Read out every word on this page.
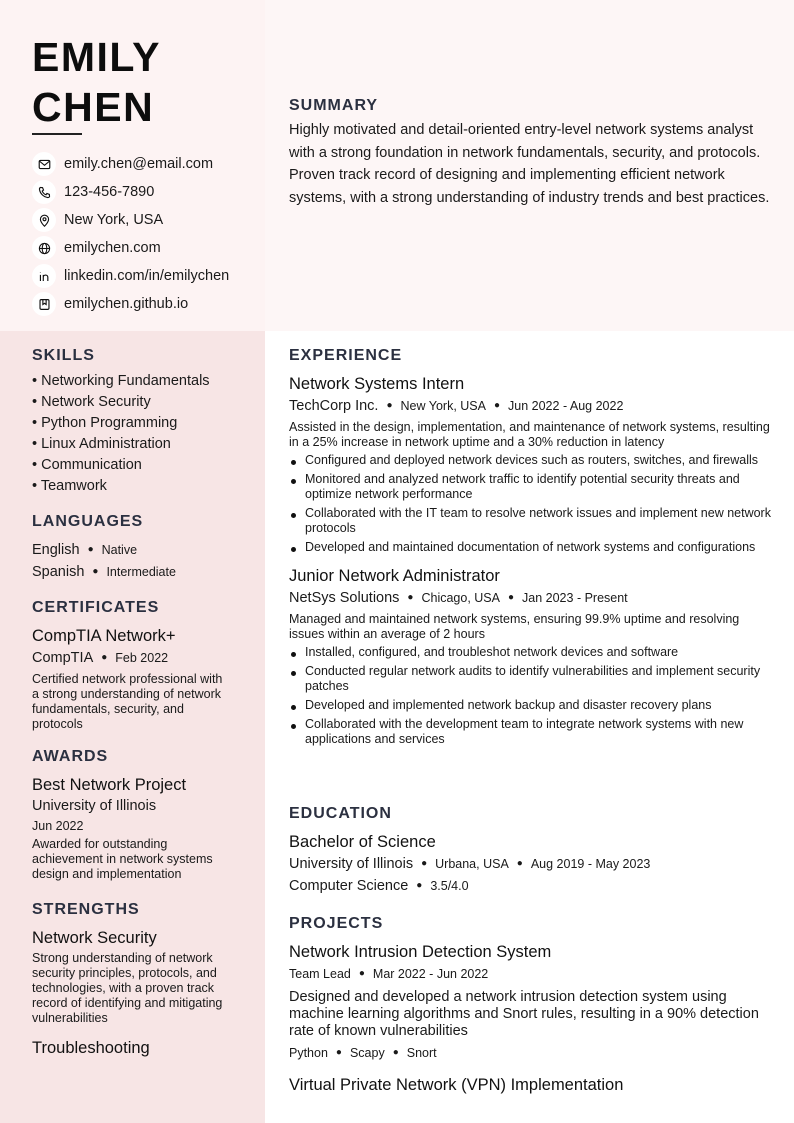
EMILY
CHEN
emily.chen@email.com
123-456-7890
New York, USA
emilychen.com
linkedin.com/in/emilychen
emilychen.github.io
SUMMARY
Highly motivated and detail-oriented entry-level network systems analyst with a strong foundation in network fundamentals, security, and protocols. Proven track record of designing and implementing efficient network systems, with a strong understanding of industry trends and best practices.
SKILLS
• Networking Fundamentals
• Network Security
• Python Programming
• Linux Administration
• Communication
• Teamwork
LANGUAGES
English ● Native
Spanish ● Intermediate
CERTIFICATES
CompTIA Network+
CompTIA ● Feb 2022
Certified network professional with a strong understanding of network fundamentals, security, and protocols
AWARDS
Best Network Project
University of Illinois
Jun 2022
Awarded for outstanding achievement in network systems design and implementation
STRENGTHS
Network Security
Strong understanding of network security principles, protocols, and technologies, with a proven track record of identifying and mitigating vulnerabilities
Troubleshooting
EXPERIENCE
Network Systems Intern
TechCorp Inc. ● New York, USA ● Jun 2022 - Aug 2022
Assisted in the design, implementation, and maintenance of network systems, resulting in a 25% increase in network uptime and a 30% reduction in latency
Configured and deployed network devices such as routers, switches, and firewalls
Monitored and analyzed network traffic to identify potential security threats and optimize network performance
Collaborated with the IT team to resolve network issues and implement new network protocols
Developed and maintained documentation of network systems and configurations
Junior Network Administrator
NetSys Solutions ● Chicago, USA ● Jan 2023 - Present
Managed and maintained network systems, ensuring 99.9% uptime and resolving issues within an average of 2 hours
Installed, configured, and troubleshot network devices and software
Conducted regular network audits to identify vulnerabilities and implement security patches
Developed and implemented network backup and disaster recovery plans
Collaborated with the development team to integrate network systems with new applications and services
EDUCATION
Bachelor of Science
University of Illinois ● Urbana, USA ● Aug 2019 - May 2023
Computer Science ● 3.5/4.0
PROJECTS
Network Intrusion Detection System
Team Lead ● Mar 2022 - Jun 2022
Designed and developed a network intrusion detection system using machine learning algorithms and Snort rules, resulting in a 90% detection rate of known vulnerabilities
Python ● Scapy ● Snort
Virtual Private Network (VPN) Implementation
